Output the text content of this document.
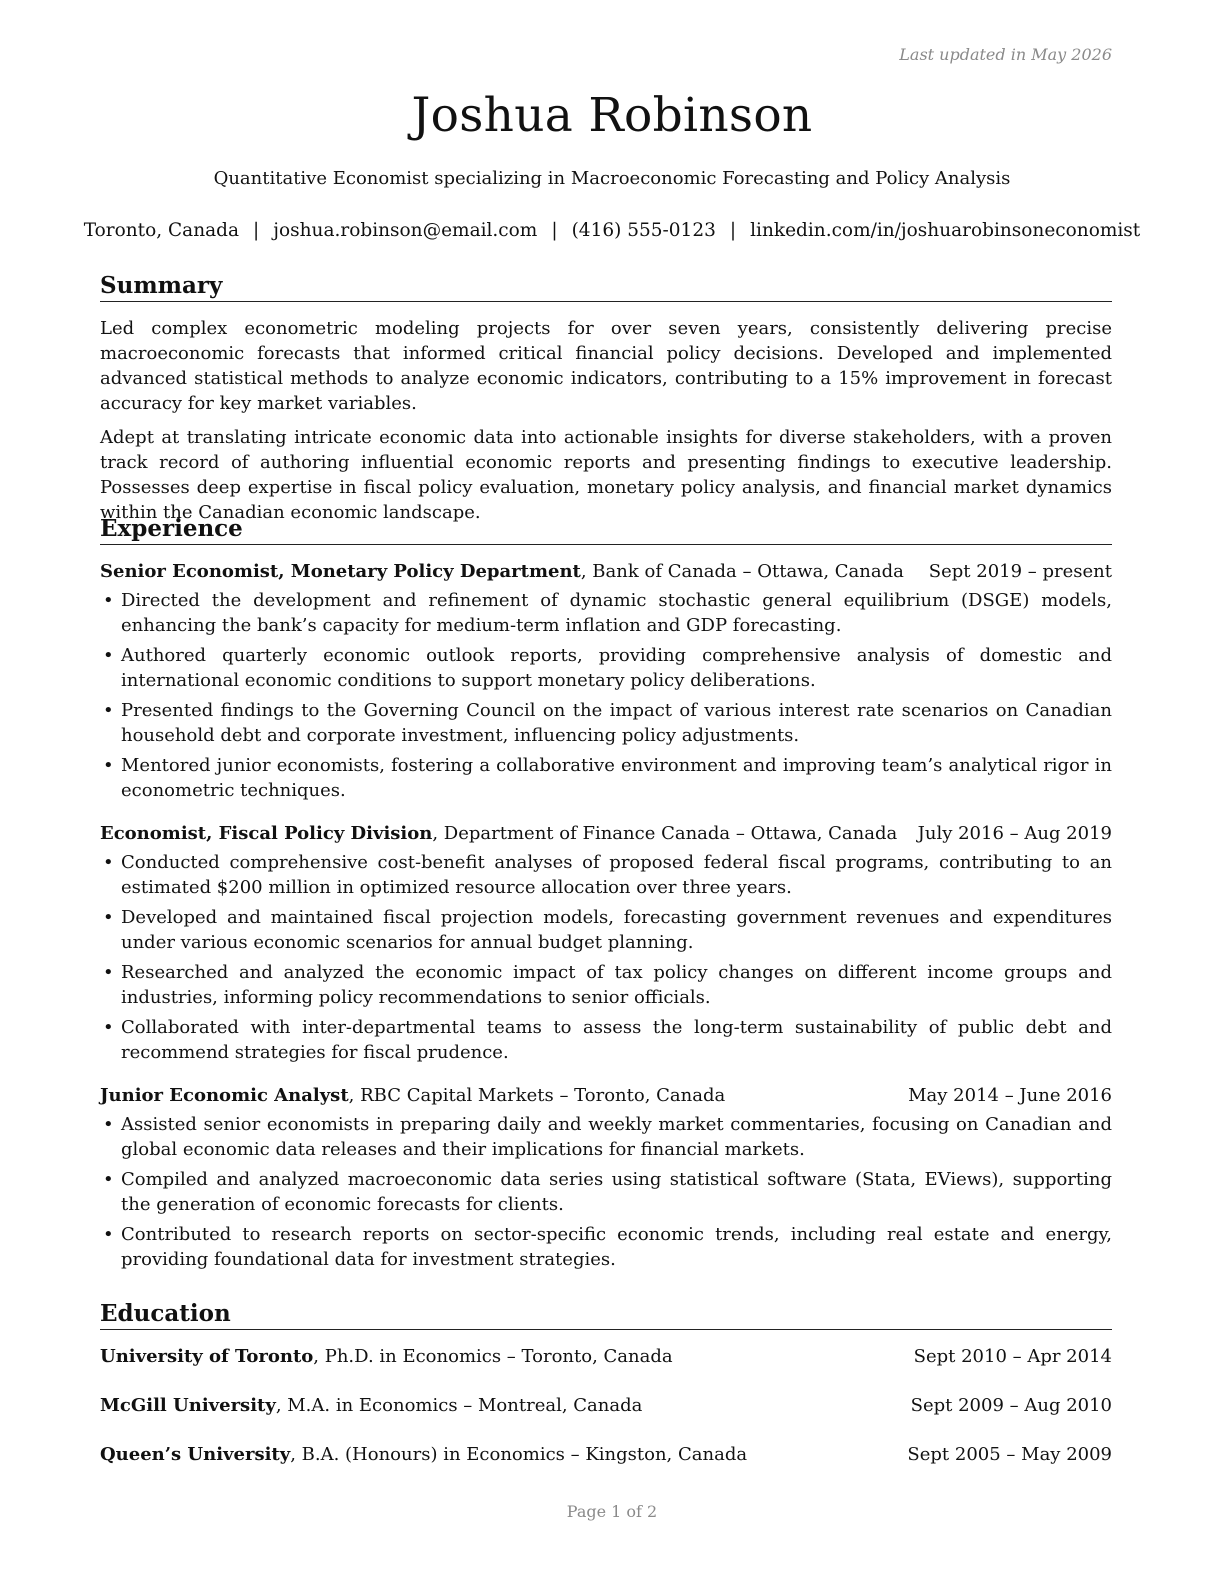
Last updated in May 2026
Joshua Robinson
Quantitative Economist specializing in Macroeconomic Forecasting and Policy Analysis
Toronto, Canada | joshua.robinson@email.com | (416) 555-0123 | linkedin.com/in/joshuarobinsoneconomist
Summary

Led complex econometric modeling projects for over seven years, consistently delivering precise macroeconomic forecasts that informed critical financial policy decisions. Developed and implemented advanced statistical methods to analyze economic indicators, contributing to a 15% improvement in forecast accuracy for key market variables.

Adept at translating intricate economic data into actionable insights for diverse stakeholders, with a proven track record of authoring influential economic reports and presenting findings to executive leadership. Possesses deep expertise in fiscal policy evaluation, monetary policy analysis, and financial market dynamics within the Canadian economic landscape.

Experience
Senior Economist, Monetary Policy Department, Bank of Canada – Ottawa, Canada Sept 2019 – present
• Directed the development and refinement of dynamic stochastic general equilibrium (DSGE) models, enhancing the bank’s capacity for medium-term inflation and GDP forecasting.
• Authored quarterly economic outlook reports, providing comprehensive analysis of domestic and international economic conditions to support monetary policy deliberations.
• Presented findings to the Governing Council on the impact of various interest rate scenarios on Canadian household debt and corporate investment, influencing policy adjustments.
• Mentored junior economists, fostering a collaborative environment and improving team’s analytical rigor in econometric techniques.
Economist, Fiscal Policy Division, Department of Finance Canada – Ottawa, Canada July 2016 – Aug 2019
• Conducted comprehensive cost-benefit analyses of proposed federal fiscal programs, contributing to an estimated $200 million in optimized resource allocation over three years.
• Developed and maintained fiscal projection models, forecasting government revenues and expenditures under various economic scenarios for annual budget planning.
• Researched and analyzed the economic impact of tax policy changes on different income groups and industries, informing policy recommendations to senior officials.
• Collaborated with inter-departmental teams to assess the long-term sustainability of public debt and recommend strategies for fiscal prudence.
Junior Economic Analyst, RBC Capital Markets – Toronto, Canada	May 2014 – June 2016
• Assisted senior economists in preparing daily and weekly market commentaries, focusing on Canadian and global economic data releases and their implications for financial markets.
• Compiled and analyzed macroeconomic data series using statistical software (Stata, EViews), supporting the generation of economic forecasts for clients.
• Contributed to research reports on sector-specific economic trends, including real estate and energy, providing foundational data for investment strategies.
Education
University of Toronto, Ph.D. in Economics – Toronto, Canada	Sept 2010 – Apr 2014
McGill University, M.A. in Economics – Montreal, Canada	Sept 2009 – Aug 2010
Queen’s University, B.A. (Honours) in Economics – Kingston, Canada	Sept 2005 – May 2009
Page 1 of 2
